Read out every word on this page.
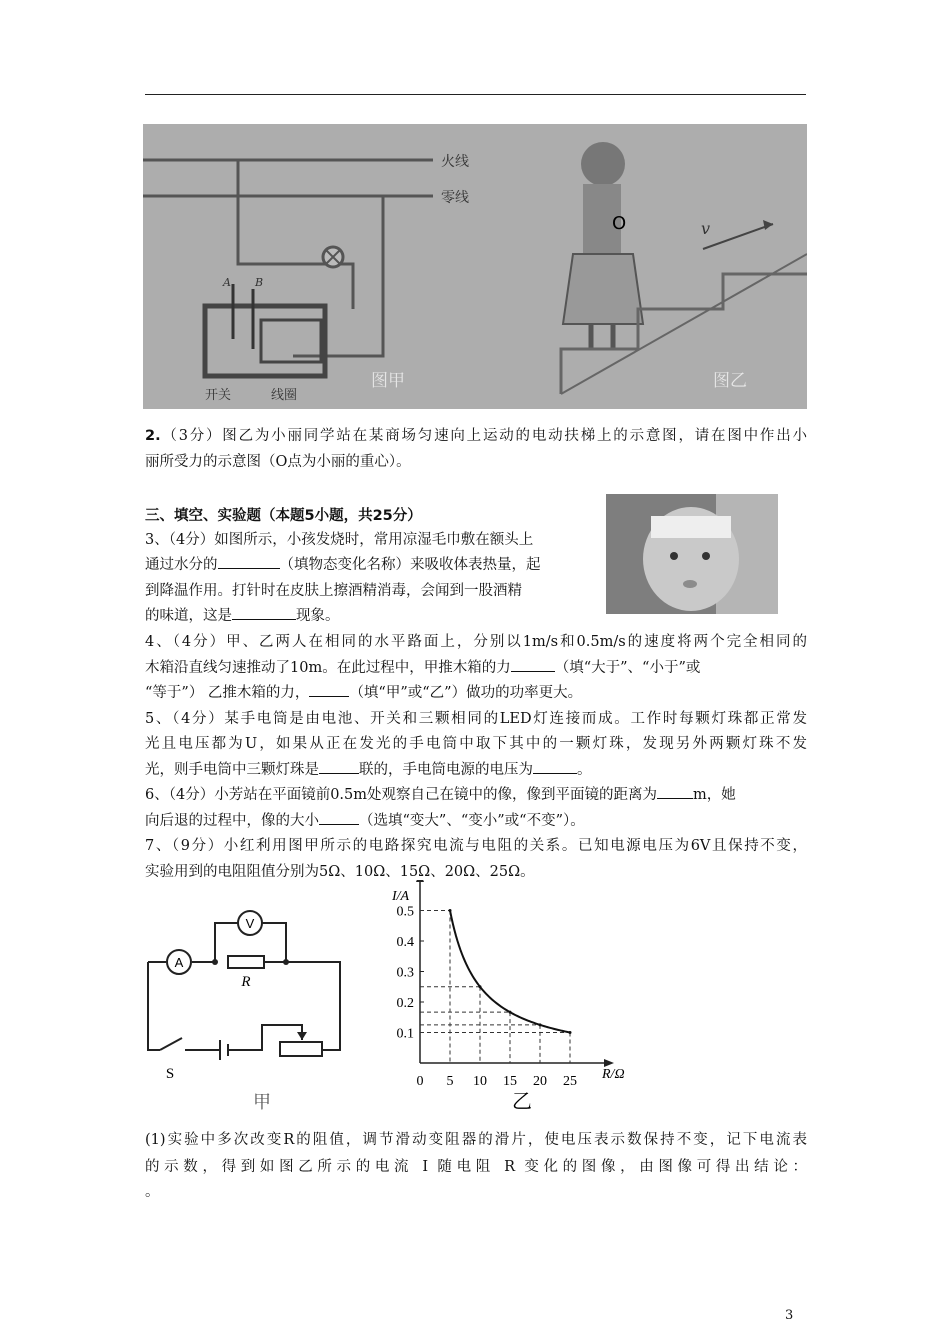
火线
零线
A B
开关	线圈
图甲
O	v
图乙
2.（3分）图乙为小丽同学站在某商场匀速向上运动的电动扶梯上的示意图，请在图中作出小
丽所受力的示意图（O点为小丽的重心）。
三、填空、实验题（本题5小题，共25分）
3、（4分）如图所示，小孩发烧时，常用凉湿毛巾敷在额头上
通过水分的	（填物态变化名称）来吸收体表热量，起
到降温作用。打针时在皮肤上擦酒精消毒，会闻到一股酒精
的味道，这是	现象。
4、（4分）甲、乙两人在相同的水平路面上，分别以1m/s和0.5m/s的速度将两个完全相同的
木箱沿直线匀速推动了10m。在此过程中，甲推木箱的力	（填“大于”、“小于”或
“等于”） 乙推木箱的力，	（填“甲”或“乙”）做功的功率更大。
5、（4分）某手电筒是由电池、开关和三颗相同的LED灯连接而成。工作时每颗灯珠都正常发
光且电压都为U，如果从正在发光的手电筒中取下其中的一颗灯珠，发现另外两颗灯珠不发
光，则手电筒中三颗灯珠是	联的，手电筒电源的电压为	。
6、（4分）小芳站在平面镜前0.5m处观察自己在镜中的像，像到平面镜的距离为 m，她
向后退的过程中，像的大小	（选填“变大”、“变小”或“不变”）。
7、（9分）小红利用图甲所示的电路探究电流与电阻的关系。已知电源电压为6V且保持不变，
实验用到的电阻阻值分别为5Ω、10Ω、15Ω、20Ω、25Ω。
A
V
R
S
甲
I/A
R/Ω
乙
0 5 10 15 20 25
0.1
0.2
0.3
0.4
0.5
(1)实验中多次改变R的阻值，调节滑动变阻器的滑片，使电压表示数保持不变，记下电流表
的示数，得到如图乙所示的电流 I 随电阻 R 变化的图像，由图像可得出结论：
。
3
